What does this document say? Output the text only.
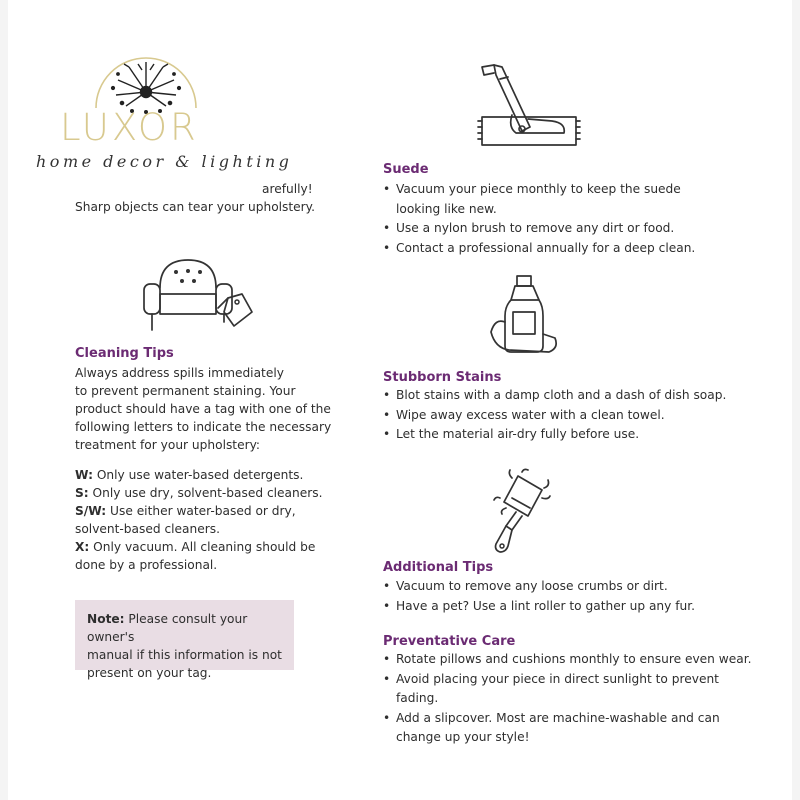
LUXOR
home decor & lighting
arefully!
Sharp objects can tear your upholstery.
Cleaning Tips
Always address spills immediately
to prevent permanent staining. Your
product should have a tag with one of the
following letters to indicate the necessary
treatment for your upholstery:
W: Only use water-based detergents.
S: Only use dry, solvent-based cleaners.
S/W: Use either water-based or dry,
solvent-based cleaners.
X: Only vacuum. All cleaning should be
done by a professional.
Note: Please consult your owner's
manual if this information is not
present on your tag.
Suede
• Vacuum your piece monthly to keep the suede
looking like new.
• Use a nylon brush to remove any dirt or food.
• Contact a professional annually for a deep clean.
Stubborn Stains
• Blot stains with a damp cloth and a dash of dish soap.
• Wipe away excess water with a clean towel.
• Let the material air-dry fully before use.
Additional Tips
• Vacuum to remove any loose crumbs or dirt.
• Have a pet? Use a lint roller to gather up any fur.
Preventative Care
• Rotate pillows and cushions monthly to ensure even wear.
• Avoid placing your piece in direct sunlight to prevent fading.
• Add a slipcover. Most are machine-washable and can
change up your style!
